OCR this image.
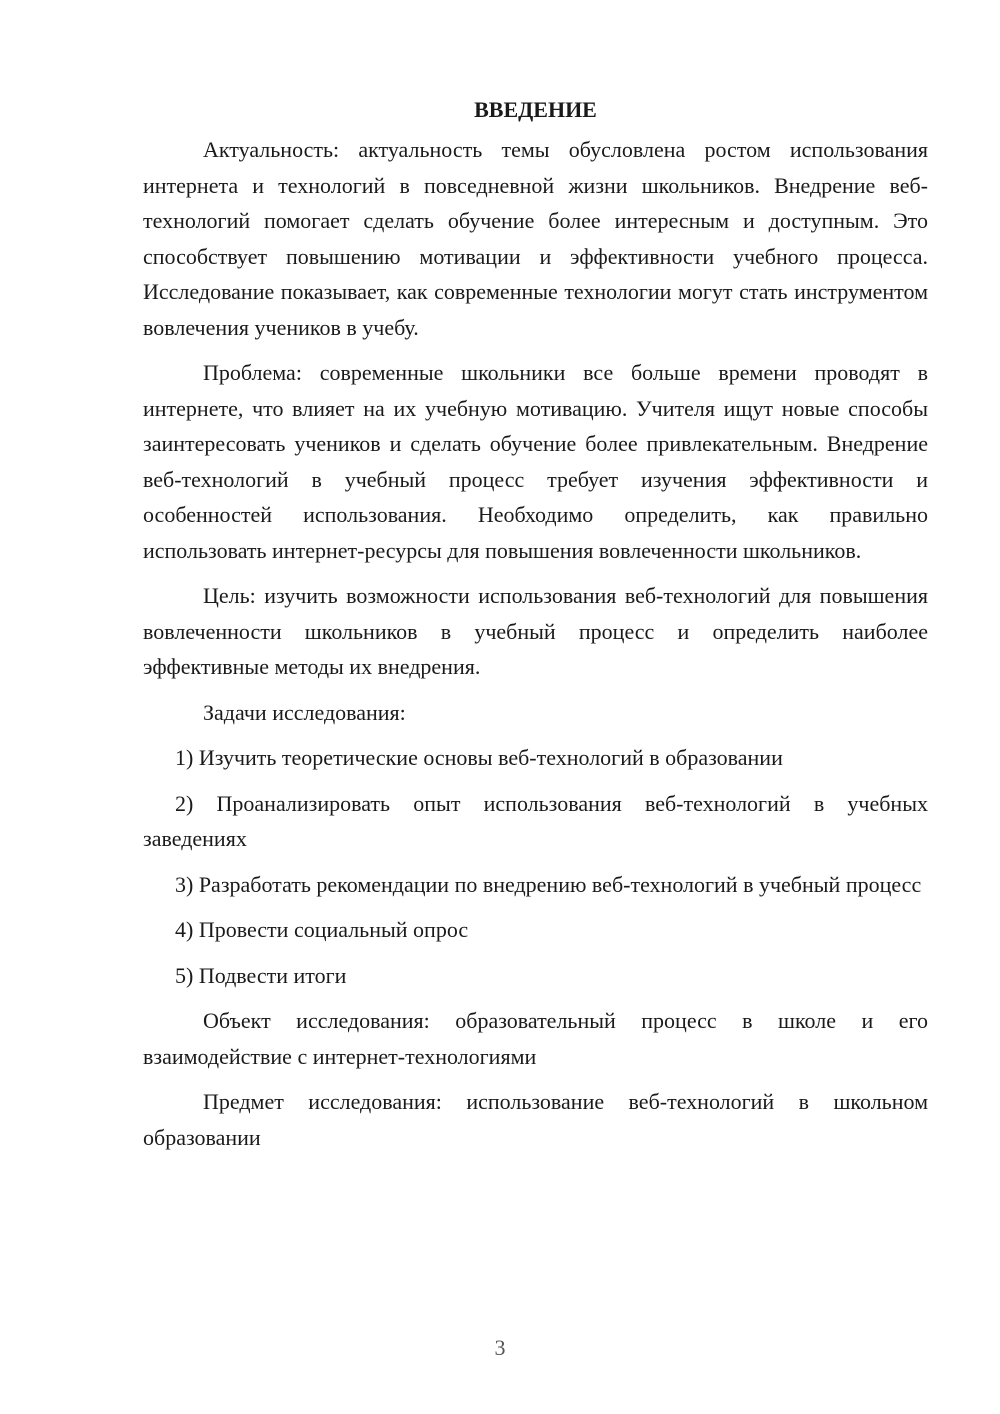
ВВЕДЕНИЕ

Актуальность: актуальность темы обусловлена ростом использования интернета и технологий в повседневной жизни школьников. Внедрение веб-технологий помогает сделать обучение более интересным и доступным. Это способствует повышению мотивации и эффективности учебного процесса. Исследование показывает, как современные технологии могут стать инструментом вовлечения учеников в учебу.

Проблема: современные школьники все больше времени проводят в интернете, что влияет на их учебную мотивацию. Учителя ищут новые способы заинтересовать учеников и сделать обучение более привлекательным. Внедрение веб-технологий в учебный процесс требует изучения эффективности и особенностей использования. Необходимо определить, как правильно использовать интернет-ресурсы для повышения вовлеченности школьников.

Цель: изучить возможности использования веб-технологий для повышения вовлеченности школьников в учебный процесс и определить наиболее эффективные методы их внедрения.

Задачи исследования:

1) Изучить теоретические основы веб-технологий в образовании

2) Проанализировать опыт использования веб-технологий в учебных заведениях

3) Разработать рекомендации по внедрению веб-технологий в учебный процесс

4) Провести социальный опрос

5) Подвести итоги

Объект исследования: образовательный процесс в школе и его взаимодействие с интернет-технологиями

Предмет исследования: использование веб-технологий в школьном образовании

3
